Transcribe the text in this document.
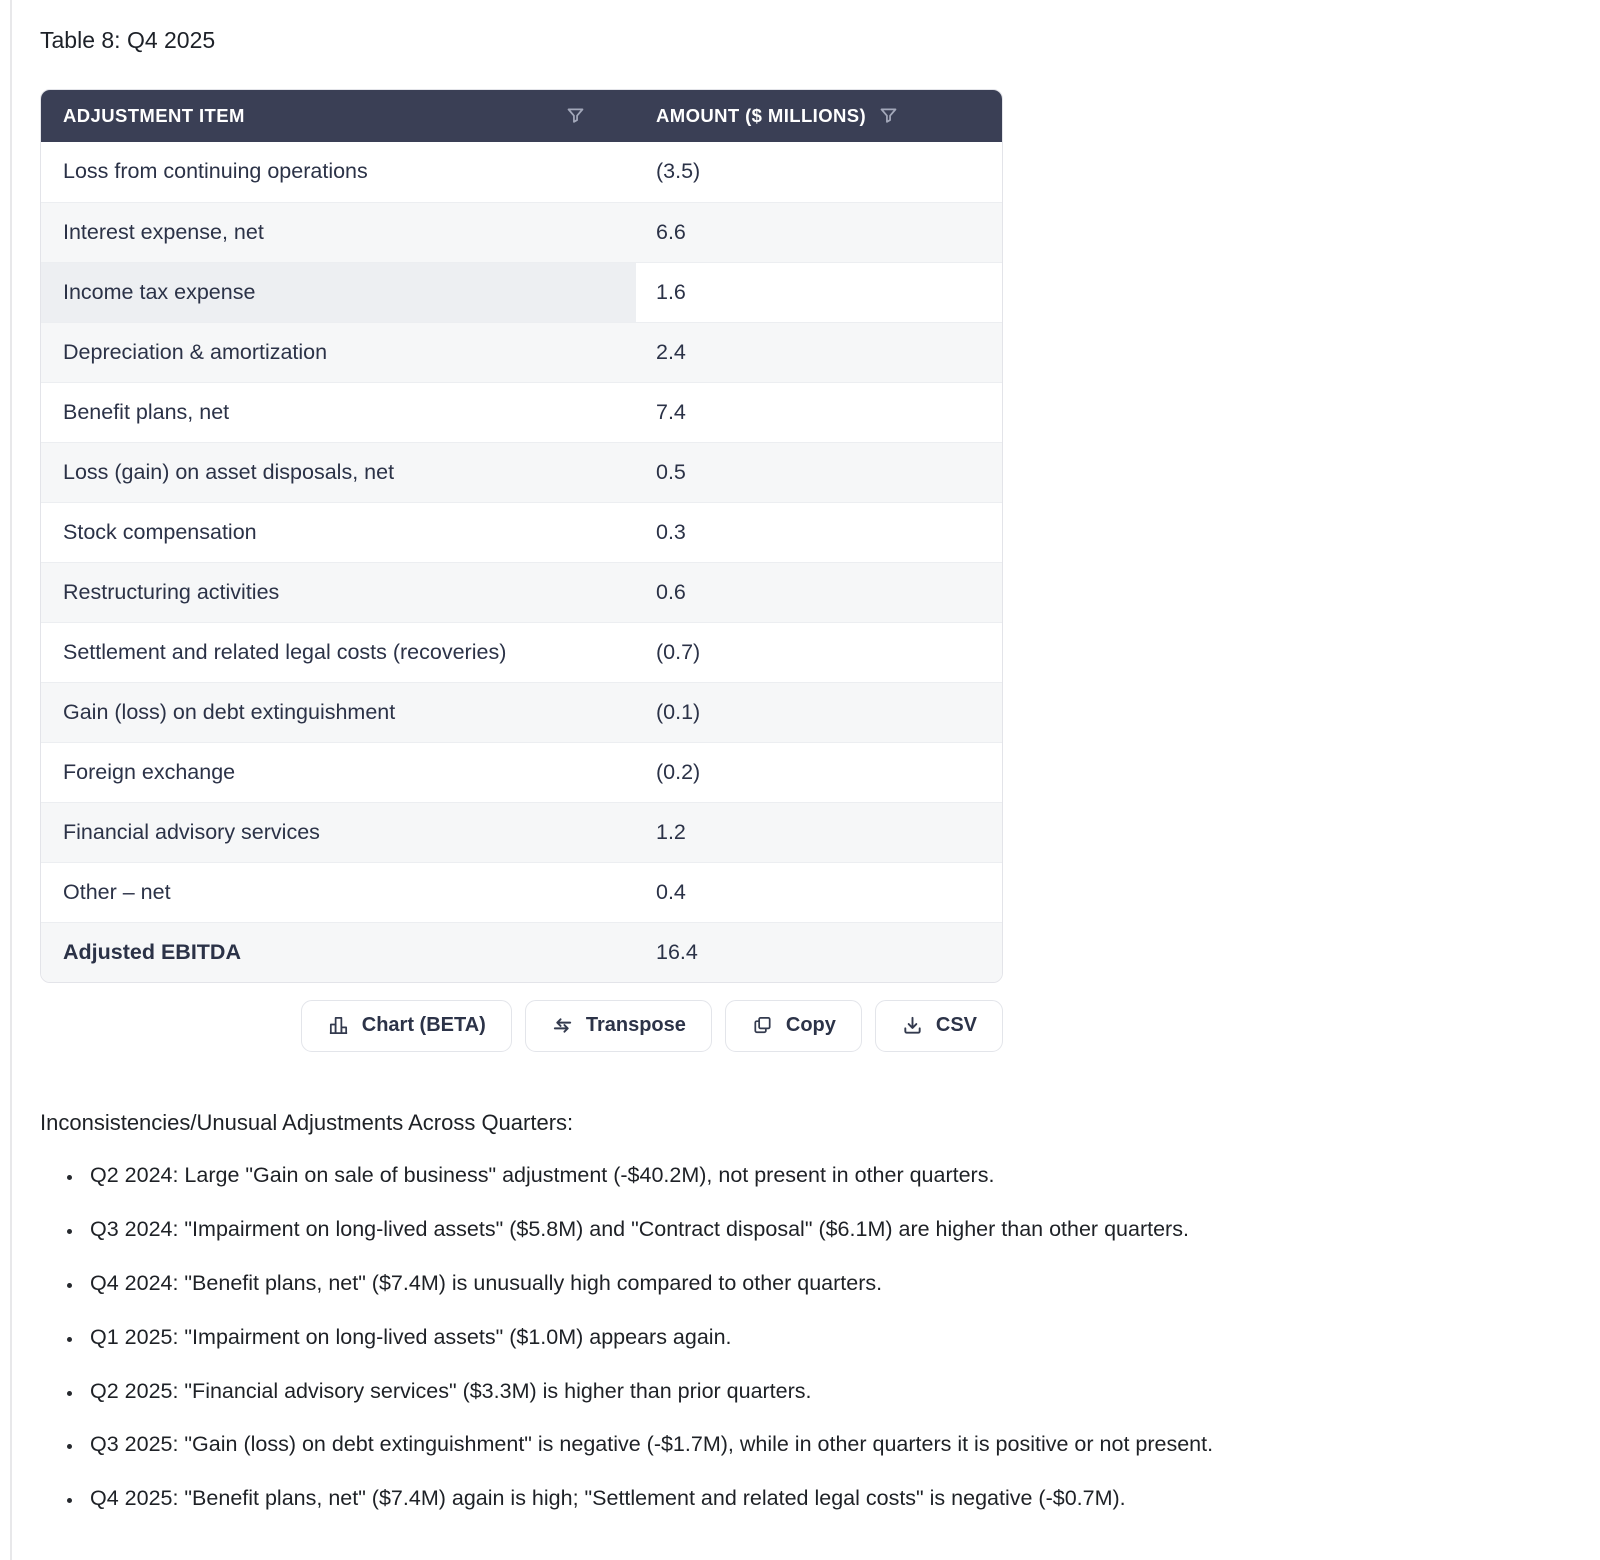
Table 8: Q4 2025
ADJUSTMENT ITEM	AMOUNT ($ MILLIONS)
Loss from continuing operations	(3.5)
Interest expense, net	6.6
Income tax expense	1.6
Depreciation & amortization	2.4
Benefit plans, net	7.4
Loss (gain) on asset disposals, net	0.5
Stock compensation	0.3
Restructuring activities	0.6
Settlement and related legal costs (recoveries)	(0.7)
Gain (loss) on debt extinguishment	(0.1)
Foreign exchange	(0.2)
Financial advisory services	1.2
Other – net	0.4
Adjusted EBITDA	16.4
Chart (BETA)	Transpose	Copy	CSV
Inconsistencies/Unusual Adjustments Across Quarters:
• Q2 2024: Large "Gain on sale of business" adjustment (-$40.2M), not present in other quarters.
• Q3 2024: "Impairment on long-lived assets" ($5.8M) and "Contract disposal" ($6.1M) are higher than other quarters.
• Q4 2024: "Benefit plans, net" ($7.4M) is unusually high compared to other quarters.
• Q1 2025: "Impairment on long-lived assets" ($1.0M) appears again.
• Q2 2025: "Financial advisory services" ($3.3M) is higher than prior quarters.
• Q3 2025: "Gain (loss) on debt extinguishment" is negative (-$1.7M), while in other quarters it is positive or not present.
• Q4 2025: "Benefit plans, net" ($7.4M) again is high; "Settlement and related legal costs" is negative (-$0.7M).
